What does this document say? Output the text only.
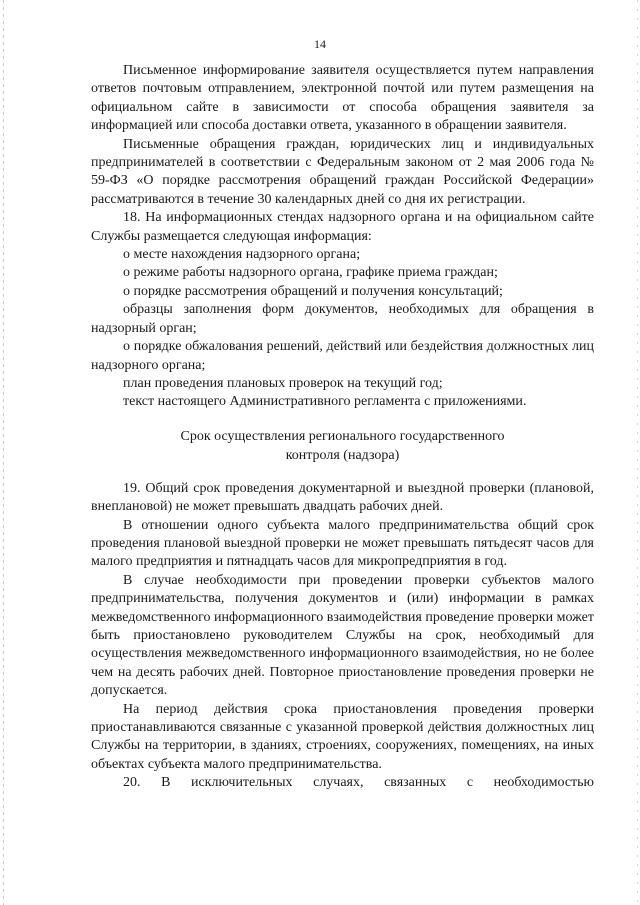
14

Письменное информирование заявителя осуществляется путем направления ответов почтовым отправлением, электронной почтой или путем размещения на официальном сайте в зависимости от способа обращения заявителя за информацией или способа доставки ответа, указанного в обращении заявителя.

Письменные обращения граждан, юридических лиц и индивидуальных предпринимателей в соответствии с Федеральным законом от 2 мая 2006 года № 59-ФЗ «О порядке рассмотрения обращений граждан Российской Федерации» рассматриваются в течение 30 календарных дней со дня их регистрации.

18. На информационных стендах надзорного органа и на официальном сайте Службы размещается следующая информация:

о месте нахождения надзорного органа;

о режиме работы надзорного органа, графике приема граждан;

о порядке рассмотрения обращений и получения консультаций;

образцы заполнения форм документов, необходимых для обращения в надзорный орган;

о порядке обжалования решений, действий или бездействия должностных лиц надзорного органа;

план проведения плановых проверок на текущий год;

текст настоящего Административного регламента с приложениями.

Срок осуществления регионального государственного
контроля (надзора)

19. Общий срок проведения документарной и выездной проверки (плановой, внеплановой) не может превышать двадцать рабочих дней.

В отношении одного субъекта малого предпринимательства общий срок проведения плановой выездной проверки не может превышать пятьдесят часов для малого предприятия и пятнадцать часов для микропредприятия в год.

В случае необходимости при проведении проверки субъектов малого предпринимательства, получения документов и (или) информации в рамках межведомственного информационного взаимодействия проведение проверки может быть приостановлено руководителем Службы на срок, необходимый для осуществления межведомственного информационного взаимодействия, но не более чем на десять рабочих дней. Повторное приостановление проведения проверки не допускается.

На период действия срока приостановления проведения проверки приостанавливаются связанные с указанной проверкой действия должностных лиц Службы на территории, в зданиях, строениях, сооружениях, помещениях, на иных объектах субъекта малого предпринимательства.

20. В исключительных случаях, связанных с необходимостью
